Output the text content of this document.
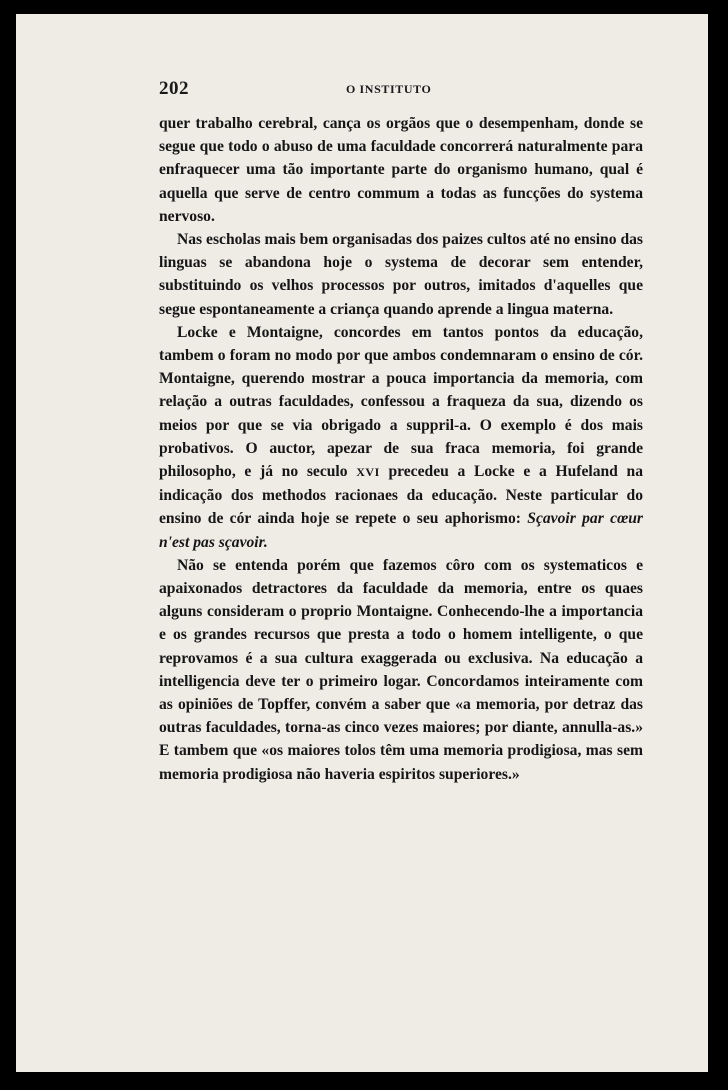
202	O INSTITUTO

quer trabalho cerebral, cança os orgãos que o desempenham, donde se segue que todo o abuso de uma faculdade concorrerá naturalmente para enfraquecer uma tão importante parte do organismo humano, qual é aquella que serve de centro commum a todas as funcções do systema nervoso.

Nas escholas mais bem organisadas dos paizes cultos até no ensino das linguas se abandona hoje o systema de decorar sem entender, substituindo os velhos processos por outros, imitados d'aquelles que segue espontaneamente a criança quando aprende a lingua materna.

Locke e Montaigne, concordes em tantos pontos da educação, tambem o foram no modo por que ambos condemnaram o ensino de cór. Montaigne, querendo mostrar a pouca importancia da memoria, com relação a outras faculdades, confessou a fraqueza da sua, dizendo os meios por que se via obrigado a suppril-a. O exemplo é dos mais probativos. O auctor, apezar de sua fraca memoria, foi grande philosopho, e já no seculo XVI precedeu a Locke e a Hufeland na indicação dos methodos racionaes da educação. Neste particular do ensino de cór ainda hoje se repete o seu aphorismo: Sçavoir par cœur n'est pas sçavoir.

Não se entenda porém que fazemos côro com os systematicos e apaixonados detractores da faculdade da memoria, entre os quaes alguns consideram o proprio Montaigne. Conhecendo-lhe a importancia e os grandes recursos que presta a todo o homem intelligente, o que reprovamos é a sua cultura exaggerada ou exclusiva. Na educação a intelligencia deve ter o primeiro logar. Concordamos inteiramente com as opiniões de Topffer, convém a saber que «a memoria, por detraz das outras faculdades, torna-as cinco vezes maiores; por diante, annulla-as.» E tambem que «os maiores tolos têm uma memoria prodigiosa, mas sem memoria prodigiosa não haveria espiritos superiores.»
